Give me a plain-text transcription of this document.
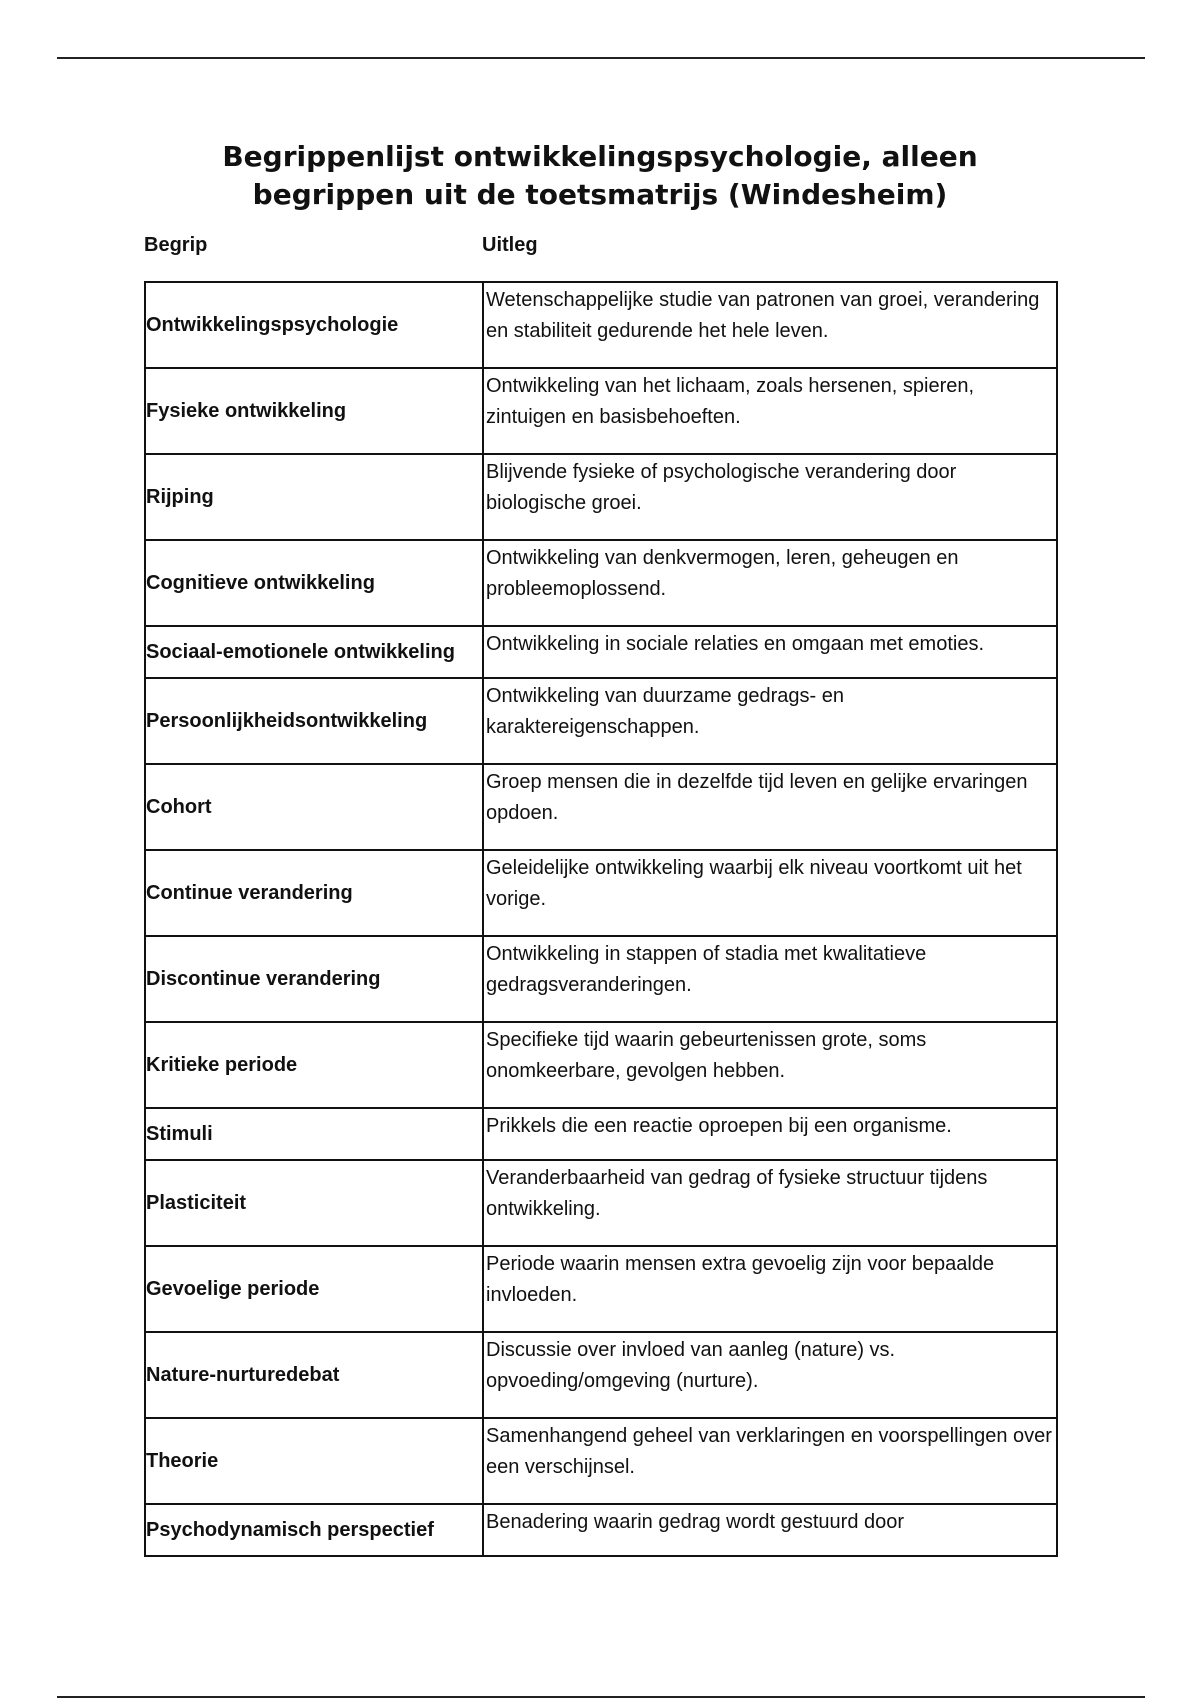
Begrippenlijst ontwikkelingspsychologie, alleen
begrippen uit de toetsmatrijs (Windesheim)
Begrip	Uitleg
Ontwikkelingspsychologie	Wetenschappelijke studie van patronen van groei, verandering en stabiliteit gedurende het hele leven.
Fysieke ontwikkeling	Ontwikkeling van het lichaam, zoals hersenen, spieren, zintuigen en basisbehoeften.
Rijping	Blijvende fysieke of psychologische verandering door biologische groei.
Cognitieve ontwikkeling	Ontwikkeling van denkvermogen, leren, geheugen en probleemoplossend.
Sociaal-emotionele ontwikkeling	Ontwikkeling in sociale relaties en omgaan met emoties.
Persoonlijkheidsontwikkeling	Ontwikkeling van duurzame gedrags- en karaktereigenschappen.
Cohort	Groep mensen die in dezelfde tijd leven en gelijke ervaringen opdoen.
Continue verandering	Geleidelijke ontwikkeling waarbij elk niveau voortkomt uit het vorige.
Discontinue verandering	Ontwikkeling in stappen of stadia met kwalitatieve gedragsveranderingen.
Kritieke periode	Specifieke tijd waarin gebeurtenissen grote, soms onomkeerbare, gevolgen hebben.
Stimuli	Prikkels die een reactie oproepen bij een organisme.
Plasticiteit	Veranderbaarheid van gedrag of fysieke structuur tijdens ontwikkeling.
Gevoelige periode	Periode waarin mensen extra gevoelig zijn voor bepaalde invloeden.
Nature-nurturedebat	Discussie over invloed van aanleg (nature) vs. opvoeding/omgeving (nurture).
Theorie	Samenhangend geheel van verklaringen en voorspellingen over een verschijnsel.
Psychodynamisch perspectief	Benadering waarin gedrag wordt gestuurd door
